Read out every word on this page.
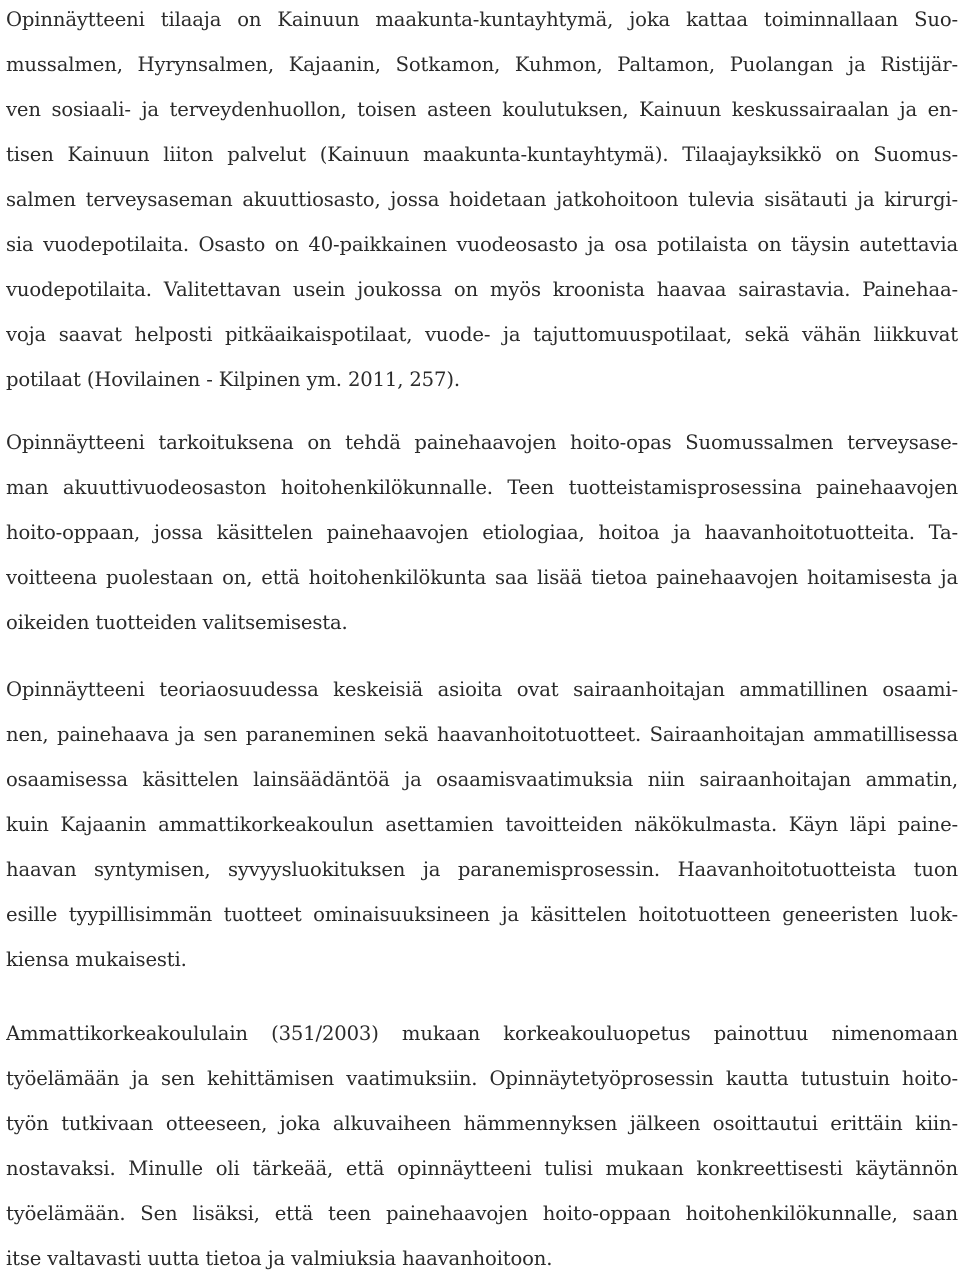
Opinnäytteeni tilaaja on Kainuun maakunta-kuntayhtymä, joka kattaa toiminnallaan Suo-
mussalmen, Hyrynsalmen, Kajaanin, Sotkamon, Kuhmon, Paltamon, Puolangan ja Ristijär-
ven sosiaali- ja terveydenhuollon, toisen asteen koulutuksen, Kainuun keskussairaalan ja en-
tisen Kainuun liiton palvelut (Kainuun maakunta-kuntayhtymä). Tilaajayksikkö on Suomus-
salmen terveysaseman akuuttiosasto, jossa hoidetaan jatkohoitoon tulevia sisätauti ja kirurgi-
sia vuodepotilaita. Osasto on 40-paikkainen vuodeosasto ja osa potilaista on täysin autettavia
vuodepotilaita. Valitettavan usein joukossa on myös kroonista haavaa sairastavia. Painehaa-
voja saavat helposti pitkäaikaispotilaat, vuode- ja tajuttomuuspotilaat, sekä vähän liikkuvat
potilaat (Hovilainen - Kilpinen ym. 2011, 257).
Opinnäytteeni tarkoituksena on tehdä painehaavojen hoito-opas Suomussalmen terveysase-
man akuuttivuodeosaston hoitohenkilökunnalle. Teen tuotteistamisprosessina painehaavojen
hoito-oppaan, jossa käsittelen painehaavojen etiologiaa, hoitoa ja haavanhoitotuotteita. Ta-
voitteena puolestaan on, että hoitohenkilökunta saa lisää tietoa painehaavojen hoitamisesta ja
oikeiden tuotteiden valitsemisesta.
Opinnäytteeni teoriaosuudessa keskeisiä asioita ovat sairaanhoitajan ammatillinen osaami-
nen, painehaava ja sen paraneminen sekä haavanhoitotuotteet. Sairaanhoitajan ammatillisessa
osaamisessa käsittelen lainsäädäntöä ja osaamisvaatimuksia niin sairaanhoitajan ammatin,
kuin Kajaanin ammattikorkeakoulun asettamien tavoitteiden näkökulmasta. Käyn läpi paine-
haavan syntymisen, syvyysluokituksen ja paranemisprosessin. Haavanhoitotuotteista tuon
esille tyypillisimmän tuotteet ominaisuuksineen ja käsittelen hoitotuotteen geneeristen luok-
kiensa mukaisesti.
Ammattikorkeakoululain (351/2003) mukaan korkeakouluopetus painottuu nimenomaan
työelämään ja sen kehittämisen vaatimuksiin. Opinnäytetyöprosessin kautta tutustuin hoito-
työn tutkivaan otteeseen, joka alkuvaiheen hämmennyksen jälkeen osoittautui erittäin kiin-
nostavaksi. Minulle oli tärkeää, että opinnäytteeni tulisi mukaan konkreettisesti käytännön
työelämään. Sen lisäksi, että teen painehaavojen hoito-oppaan hoitohenkilökunnalle, saan
itse valtavasti uutta tietoa ja valmiuksia haavanhoitoon.
